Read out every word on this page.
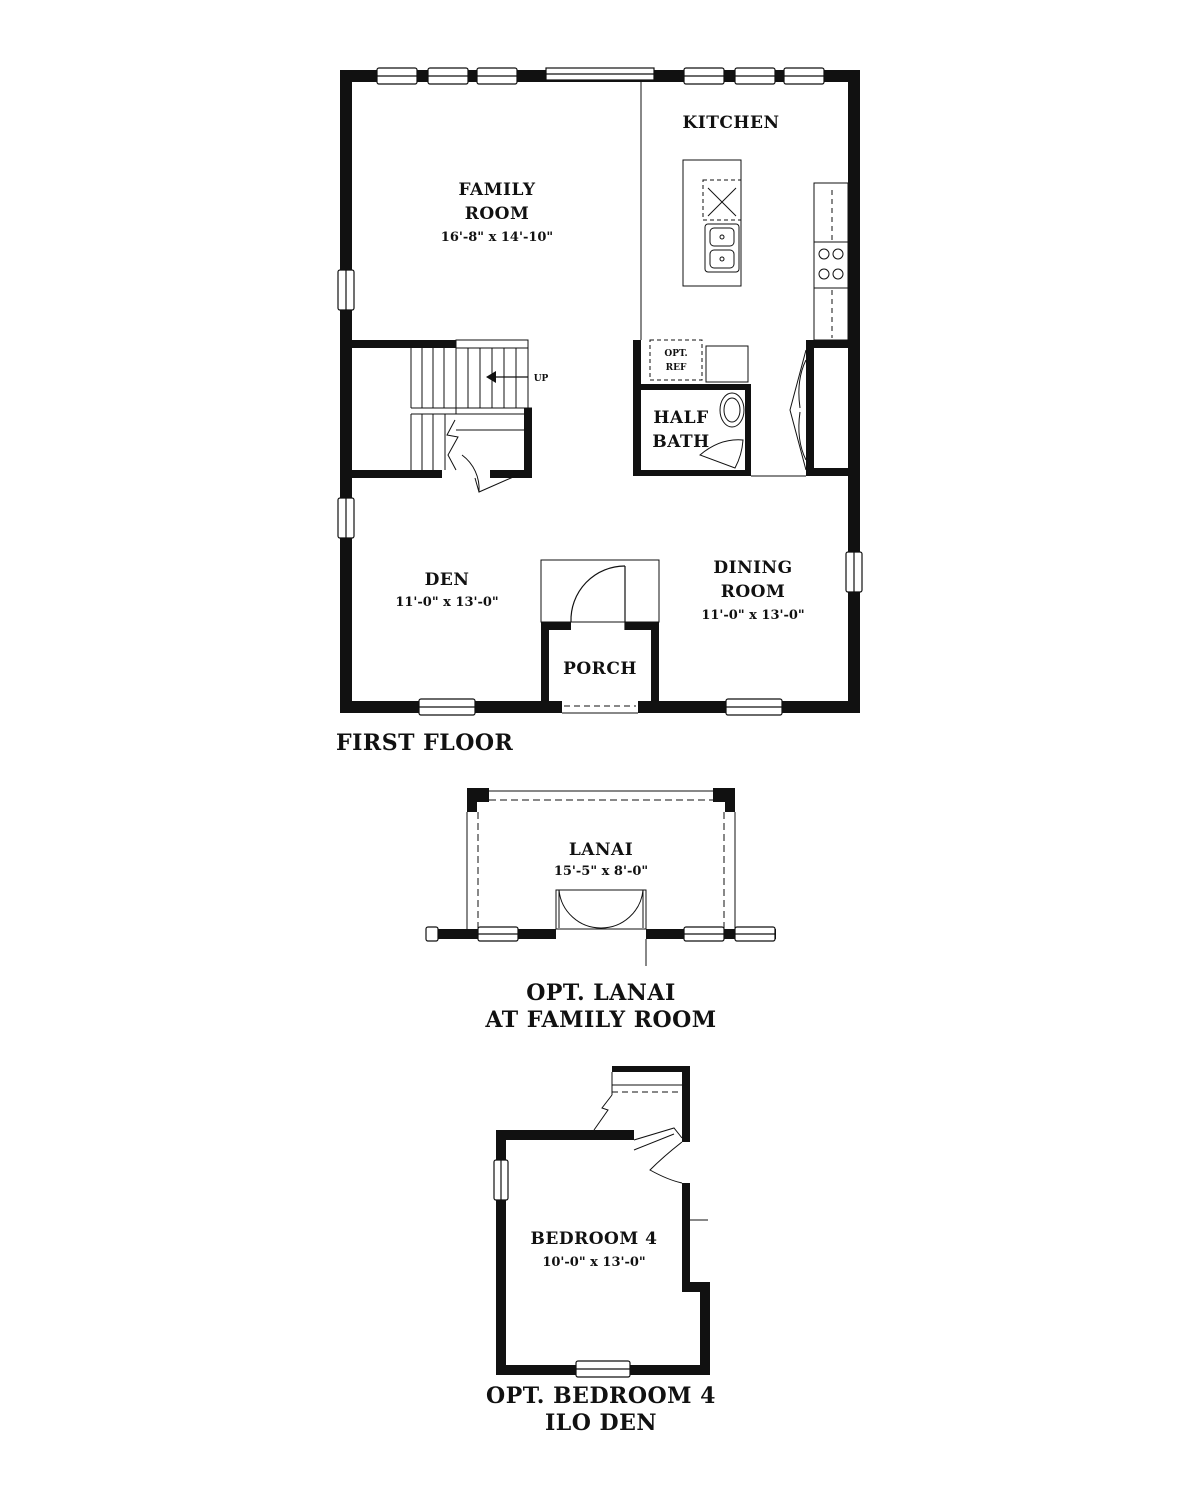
UP
OPT.
REF
FAMILY
ROOM
16'-8" x 14'-10"
KITCHEN
HALF
BATH
DEN
11'-0" x 13'-0"
DINING
ROOM
11'-0" x 13'-0"
PORCH
FIRST FLOOR
LANAI
15'-5" x 8'-0"
OPT. LANAI
AT FAMILY ROOM
BEDROOM 4
10'-0" x 13'-0"
OPT. BEDROOM 4
ILO DEN
